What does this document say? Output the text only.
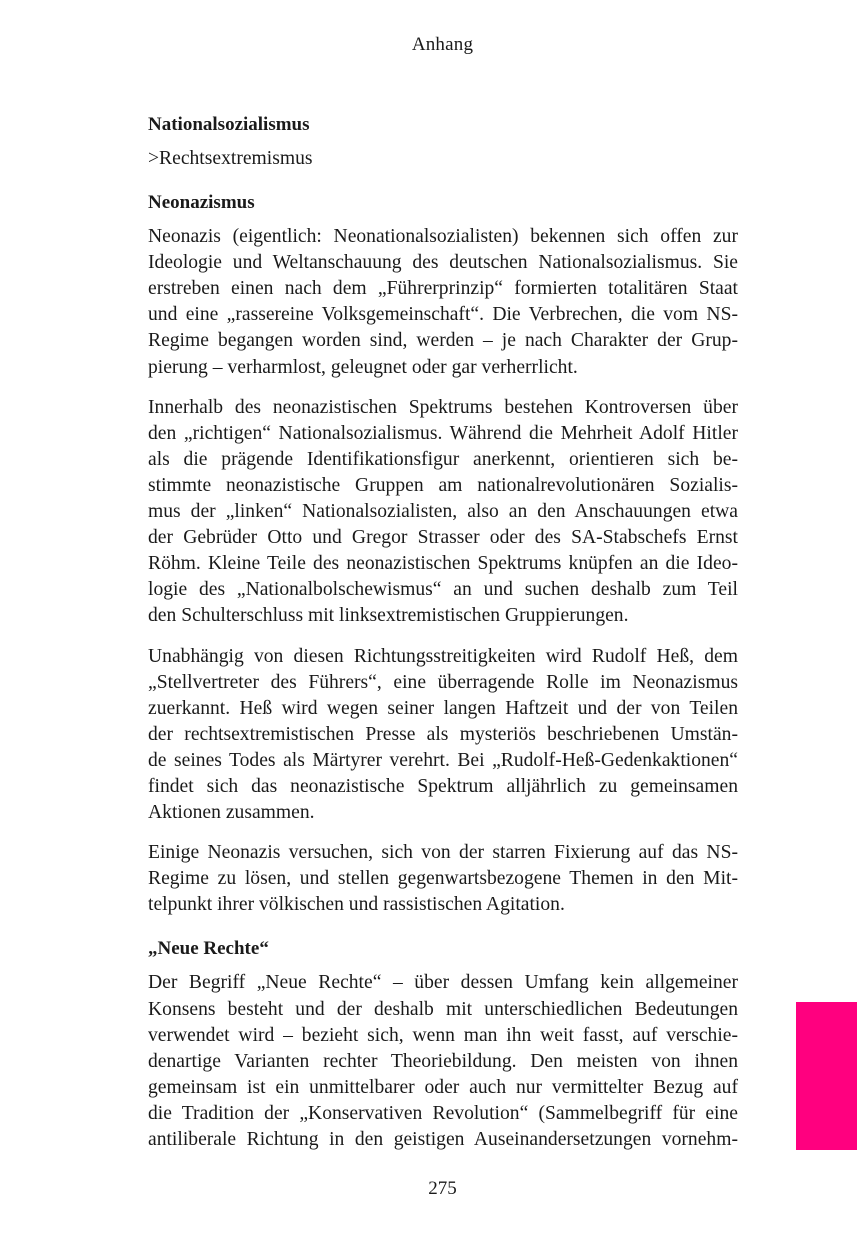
Anhang
Nationalsozialismus
>Rechtsextremismus
Neonazismus
Neonazis (eigentlich: Neonationalsozialisten) bekennen sich offen zur
Ideologie und Weltanschauung des deutschen Nationalsozialismus. Sie
erstreben einen nach dem „Führerprinzip“ formierten totalitären Staat
und eine „rassereine Volksgemeinschaft“. Die Verbrechen, die vom NS-
Regime begangen worden sind, werden – je nach Charakter der Grup-
pierung – verharmlost, geleugnet oder gar verherrlicht.
Innerhalb des neonazistischen Spektrums bestehen Kontroversen über
den „richtigen“ Nationalsozialismus. Während die Mehrheit Adolf Hitler
als die prägende Identifikationsfigur anerkennt, orientieren sich be-
stimmte neonazistische Gruppen am nationalrevolutionären Sozialis-
mus der „linken“ Nationalsozialisten, also an den Anschauungen etwa
der Gebrüder Otto und Gregor Strasser oder des SA-Stabschefs Ernst
Röhm. Kleine Teile des neonazistischen Spektrums knüpfen an die Ideo-
logie des „Nationalbolschewismus“ an und suchen deshalb zum Teil
den Schulterschluss mit linksextremistischen Gruppierungen.
Unabhängig von diesen Richtungsstreitigkeiten wird Rudolf Heß, dem
„Stellvertreter des Führers“, eine überragende Rolle im Neonazismus
zuerkannt. Heß wird wegen seiner langen Haftzeit und der von Teilen
der rechtsextremistischen Presse als mysteriös beschriebenen Umstän-
de seines Todes als Märtyrer verehrt. Bei „Rudolf-Heß-Gedenkaktionen“
findet sich das neonazistische Spektrum alljährlich zu gemeinsamen
Aktionen zusammen.
Einige Neonazis versuchen, sich von der starren Fixierung auf das NS-
Regime zu lösen, und stellen gegenwartsbezogene Themen in den Mit-
telpunkt ihrer völkischen und rassistischen Agitation.
„Neue Rechte“
Der Begriff „Neue Rechte“ – über dessen Umfang kein allgemeiner
Konsens besteht und der deshalb mit unterschiedlichen Bedeutungen
verwendet wird – bezieht sich, wenn man ihn weit fasst, auf verschie-
denartige Varianten rechter Theoriebildung. Den meisten von ihnen
gemeinsam ist ein unmittelbarer oder auch nur vermittelter Bezug auf
die Tradition der „Konservativen Revolution“ (Sammelbegriff für eine
antiliberale Richtung in den geistigen Auseinandersetzungen vornehm-
275
